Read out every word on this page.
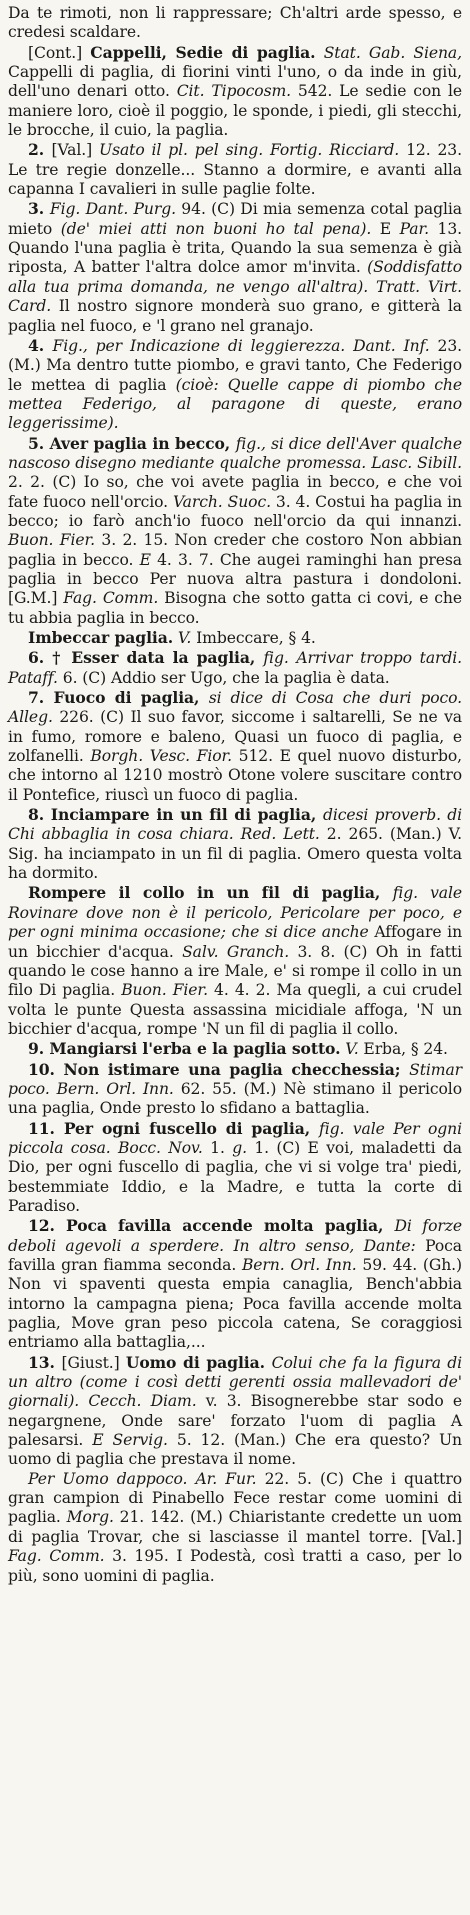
Da te rimoti, non li rappressare; Ch'altri arde spesso, e credesi scaldare.

[Cont.] Cappelli, Sedie di paglia. Stat. Gab. Siena, Cappelli di paglia, di fiorini vinti l'uno, o da inde in giù, dell'uno denari otto. Cit. Tipocosm. 542. Le sedie con le maniere loro, cioè il poggio, le sponde, i piedi, gli stecchi, le brocche, il cuio, la paglia.

2. [Val.] Usato il pl. pel sing. Fortig. Ricciard. 12. 23. Le tre regie donzelle... Stanno a dormire, e avanti alla capanna I cavalieri in sulle paglie folte.

3. Fig. Dant. Purg. 94. (C) Di mia semenza cotal paglia mieto (de' miei atti non buoni ho tal pena). E Par. 13. Quando l'una paglia è trita, Quando la sua semenza è già riposta, A batter l'altra dolce amor m'invita. (Soddisfatto alla tua prima domanda, ne vengo all'altra). Tratt. Virt. Card. Il nostro signore monderà suo grano, e gitterà la paglia nel fuoco, e 'l grano nel granajo.

4. Fig., per Indicazione di leggierezza. Dant. Inf. 23. (M.) Ma dentro tutte piombo, e gravi tanto, Che Federigo le mettea di paglia (cioè: Quelle cappe di piombo che mettea Federigo, al paragone di queste, erano leggerissime).

5. Aver paglia in becco, fig., si dice dell'Aver qualche nascoso disegno mediante qualche promessa. Lasc. Sibill. 2. 2. (C) Io so, che voi avete paglia in becco, e che voi fate fuoco nell'orcio. Varch. Suoc. 3. 4. Costui ha paglia in becco; io farò anch'io fuoco nell'orcio da qui innanzi. Buon. Fier. 3. 2. 15. Non creder che costoro Non abbian paglia in becco. E 4. 3. 7. Che augei raminghi han presa paglia in becco Per nuova altra pastura i dondoloni. [G.M.] Fag. Comm. Bisogna che sotto gatta ci covi, e che tu abbia paglia in becco.

Imbeccar paglia. V. Imbeccare, § 4.

6. † Esser data la paglia, fig. Arrivar troppo tardi. Pataff. 6. (C) Addio ser Ugo, che la paglia è data.

7. Fuoco di paglia, si dice di Cosa che duri poco. Alleg. 226. (C) Il suo favor, siccome i saltarelli, Se ne va in fumo, romore e baleno, Quasi un fuoco di paglia, e zolfanelli. Borgh. Vesc. Fior. 512. E quel nuovo disturbo, che intorno al 1210 mostrò Otone volere suscitare contro il Pontefice, riuscì un fuoco di paglia.

8. Inciampare in un fil di paglia, dicesi proverb. di Chi abbaglia in cosa chiara. Red. Lett. 2. 265. (Man.) V. Sig. ha inciampato in un fil di paglia. Omero questa volta ha dormito.

Rompere il collo in un fil di paglia, fig. vale Rovinare dove non è il pericolo, Pericolare per poco, e per ogni minima occasione; che si dice anche Affogare in un bicchier d'acqua. Salv. Granch. 3. 8. (C) Oh in fatti quando le cose hanno a ire Male, e' si rompe il collo in un filo Di paglia. Buon. Fier. 4. 4. 2. Ma quegli, a cui crudel volta le punte Questa assassina micidiale affoga, 'N un bicchier d'acqua, rompe 'N un fil di paglia il collo.

9. Mangiarsi l'erba e la paglia sotto. V. Erba, § 24.

10. Non istimare una paglia checchessia; Stimar poco. Bern. Orl. Inn. 62. 55. (M.) Nè stimano il pericolo una paglia, Onde presto lo sfidano a battaglia.

11. Per ogni fuscello di paglia, fig. vale Per ogni piccola cosa. Bocc. Nov. 1. g. 1. (C) E voi, maladetti da Dio, per ogni fuscello di paglia, che vi si volge tra' piedi, bestemmiate Iddio, e la Madre, e tutta la corte di Paradiso.

12. Poca favilla accende molta paglia, Di forze deboli agevoli a sperdere. In altro senso, Dante: Poca favilla gran fiamma seconda. Bern. Orl. Inn. 59. 44. (Gh.) Non vi spaventi questa empia canaglia, Bench'abbia intorno la campagna piena; Poca favilla accende molta paglia, Move gran peso piccola catena, Se coraggiosi entriamo alla battaglia,...

13. [Giust.] Uomo di paglia. Colui che fa la figura di un altro (come i così detti gerenti ossia mallevadori de' giornali). Cecch. Diam. v. 3. Bisognerebbe star sodo e negargnene, Onde sare' forzato l'uom di paglia A palesarsi. E Servig. 5. 12. (Man.) Che era questo? Un uomo di paglia che prestava il nome.

Per Uomo dappoco. Ar. Fur. 22. 5. (C) Che i quattro gran campion di Pinabello Fece restar come uomini di paglia. Morg. 21. 142. (M.) Chiaristante credette un uom di paglia Trovar, che si lasciasse il mantel torre. [Val.] Fag. Comm. 3. 195. I Podestà, così tratti a caso, per lo più, sono uomini di paglia.
